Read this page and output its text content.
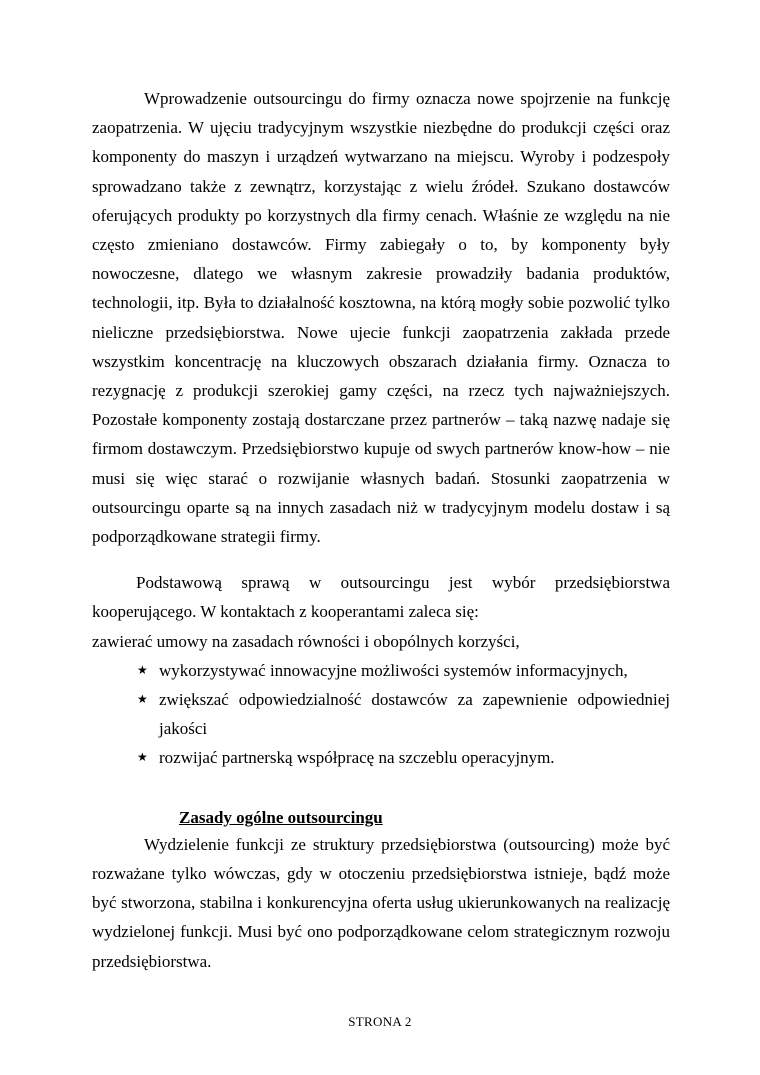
Wprowadzenie outsourcingu do firmy oznacza nowe spojrzenie na funkcję zaopatrzenia. W ujęciu tradycyjnym wszystkie niezbędne do produkcji części oraz komponenty do maszyn i urządzeń wytwarzano na miejscu. Wyroby i podzespoły sprowadzano także z zewnątrz, korzystając z wielu źródeł. Szukano dostawców oferujących produkty po korzystnych dla firmy cenach. Właśnie ze względu na nie często zmieniano dostawców. Firmy zabiegały o to, by komponenty były nowoczesne, dlatego we własnym zakresie prowadziły badania produktów, technologii, itp. Była to działalność kosztowna, na którą mogły sobie pozwolić tylko nieliczne przedsiębiorstwa. Nowe ujecie funkcji zaopatrzenia zakłada przede wszystkim koncentrację na kluczowych obszarach działania firmy. Oznacza to rezygnację z produkcji szerokiej gamy części, na rzecz tych najważniejszych. Pozostałe komponenty zostają dostarczane przez partnerów – taką nazwę nadaje się firmom dostawczym. Przedsiębiorstwo kupuje od swych partnerów know-how – nie musi się więc starać o rozwijanie własnych badań. Stosunki zaopatrzenia w outsourcingu oparte są na innych zasadach niż w tradycyjnym modelu dostaw i są podporządkowane strategii firmy.

Podstawową sprawą w outsourcingu jest wybór przedsiębiorstwa kooperującego. W kontaktach z kooperantami zaleca się:

zawierać umowy na zasadach równości i obopólnych korzyści,

★ wykorzystywać innowacyjne możliwości systemów informacyjnych,
★ zwiększać odpowiedzialność dostawców za zapewnienie odpowiedniej jakości
★ rozwijać partnerską współpracę na szczeblu operacyjnym.
Zasady ogólne outsourcingu

Wydzielenie funkcji ze struktury przedsiębiorstwa (outsourcing) może być rozważane tylko wówczas, gdy w otoczeniu przedsiębiorstwa istnieje, bądź może być stworzona, stabilna i konkurencyjna oferta usług ukierunkowanych na realizację wydzielonej funkcji. Musi być ono podporządkowane celom strategicznym rozwoju przedsiębiorstwa.

STRONA 2
